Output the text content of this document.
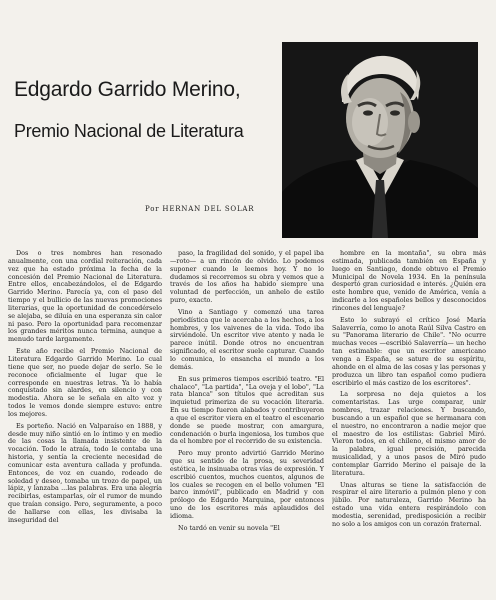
Edgardo Garrido Merino,
Premio Nacional de Literatura
Por HERNAN DEL SOLAR

Dos o tres nombres han resonado anualmente, con una cordial reiteración, cada vez que ha estado próxima la fecha de la concesión del Premio Nacional de Literatura. Entre ellos, encabezándolos, el de Edgardo Garrido Merino. Parecía ya, con el paso del tiempo y el bullicio de las nuevas promociones literarias, que la oportunidad de concedérselo se alejaba, se diluía en una esperanza sin calor ni paso. Pero la oportunidad para recomenzar los grandes méritos nunca termina, aunque a menudo tarde largamente.

Este año recibe el Premio Nacional de Literatura Edgardo Garrido Merino. Lo cual tiene que ser, no puede dejar de serlo. Se le reconoce oficialmente el lugar que le corresponde en nuestras letras. Ya lo había conquistado sin alardes, en silencio y con modestia. Ahora se le señala en alto voz y todos le vemos donde siempre estuvo: entre los mejores.

Es porteño. Nació en Valparaíso en 1888, y desde muy niño sintió en lo íntimo y en medio de las cosas la llamada insistente de la vocación. Todo le atraía, todo le contaba una historia, y sentía la creciente necesidad de comunicar esta aventura callada y profunda. Entonces, de voz en cuando, rodeado de soledad y deseo, tomaba un trozo de papel, un lápiz, y lanzaba ...las palabras. Era una alegría recibirlas, estamparlas, oír el rumor de mundo que traían consigo. Pero, seguramente, a poco de hallarse con ellas, les divisaba la inseguridad del

paso, la fragilidad del sonido, y el papel iba —roto— a un rincón de olvido. Lo podemos suponer cuando le leemos hoy. Y no lo dudamos si recorremos su obra y vemos que a través de los años ha habido siempre una voluntad de perfección, un anhelo de estilo puro, exacto.

Vino a Santiago y comenzó una tarea periodística que le acercaba a los hechos, a los hombres, y los vaivenes de la vida. Todo iba sirviéndole. Un escritor vive atento y nada le parece inútil. Donde otros no encuentran significado, el escritor suele capturar. Cuando lo comunica, lo ensancha el mundo a los demás.

En sus primeros tiempos escribió teatro. "El chalaco", "La partida", "La oveja y el lobo", "La rata blanca" son títulos que acreditan sus inquietud primeriza de su vocación literaria. En su tiempo fueron alabados y contribuyeron a que el escritor viera en el teatro el escenario donde se puede mostrar, con amargura, condenación o burla ingeniosa, los tumbos que da el hombre por el recorrido de su existencia.

Pero muy pronto advirtió Garrido Merino que su sentido de la prosa, su severidad estética, le insinuaba otras vías de expresión. Y escribió cuentos, muchos cuentos, algunos de los cuales se recogen en el bello volumen "El barco inmóvil", publicado en Madrid y con prólogo de Edgardo Marquina, por entonces uno de los escritores más aplaudidos del idioma.

No tardó en venir su novela "El

hombre en la montaña", su obra más estimada, publicada también en España y luego en Santiago, donde obtuvo el Premio Municipal de Novela 1934. En la península despertó gran curiosidad e interés. ¿Quién era este hombre que, venido de América, venía a indicarle a los españoles bellos y desconocidos rincones del lenguaje?

Esto lo subrayó el crítico José María Salaverría, como lo anota Raúl Silva Castro en su "Panorama literario de Chile". "No ocurre muchas veces —escribió Salaverría— un hecho tan estimable: que un escritor americano venga a España, se sature de su espíritu, ahonde en el alma de las cosas y las personas y produzca un libro tan español como pudiera escribirlo el más castizo de los escritores".

La sorpresa no deja quietos a los comentaristas. Las urge comparar, unir nombres, trazar relaciones. Y buscando, buscando a un español que se hermanara con el nuestro, no encontraron a nadie mejor que el maestro de los estilistas: Gabriel Miró. Vieron todos, en el chileno, el mismo amor de la palabra, igual precisión, parecida musicalidad, y a unos pasos de Miró pudo contemplar Garrido Merino el paisaje de la literatura.

Unas alturas se tiene la satisfacción de respirar el aire literario a pulmón pleno y con júbilo. Por naturaleza, Garrido Merino ha estado una vida entera respirándolo con modestia, serenidad, predisposición a recibir no solo a los amigos con un corazón fraternal.
